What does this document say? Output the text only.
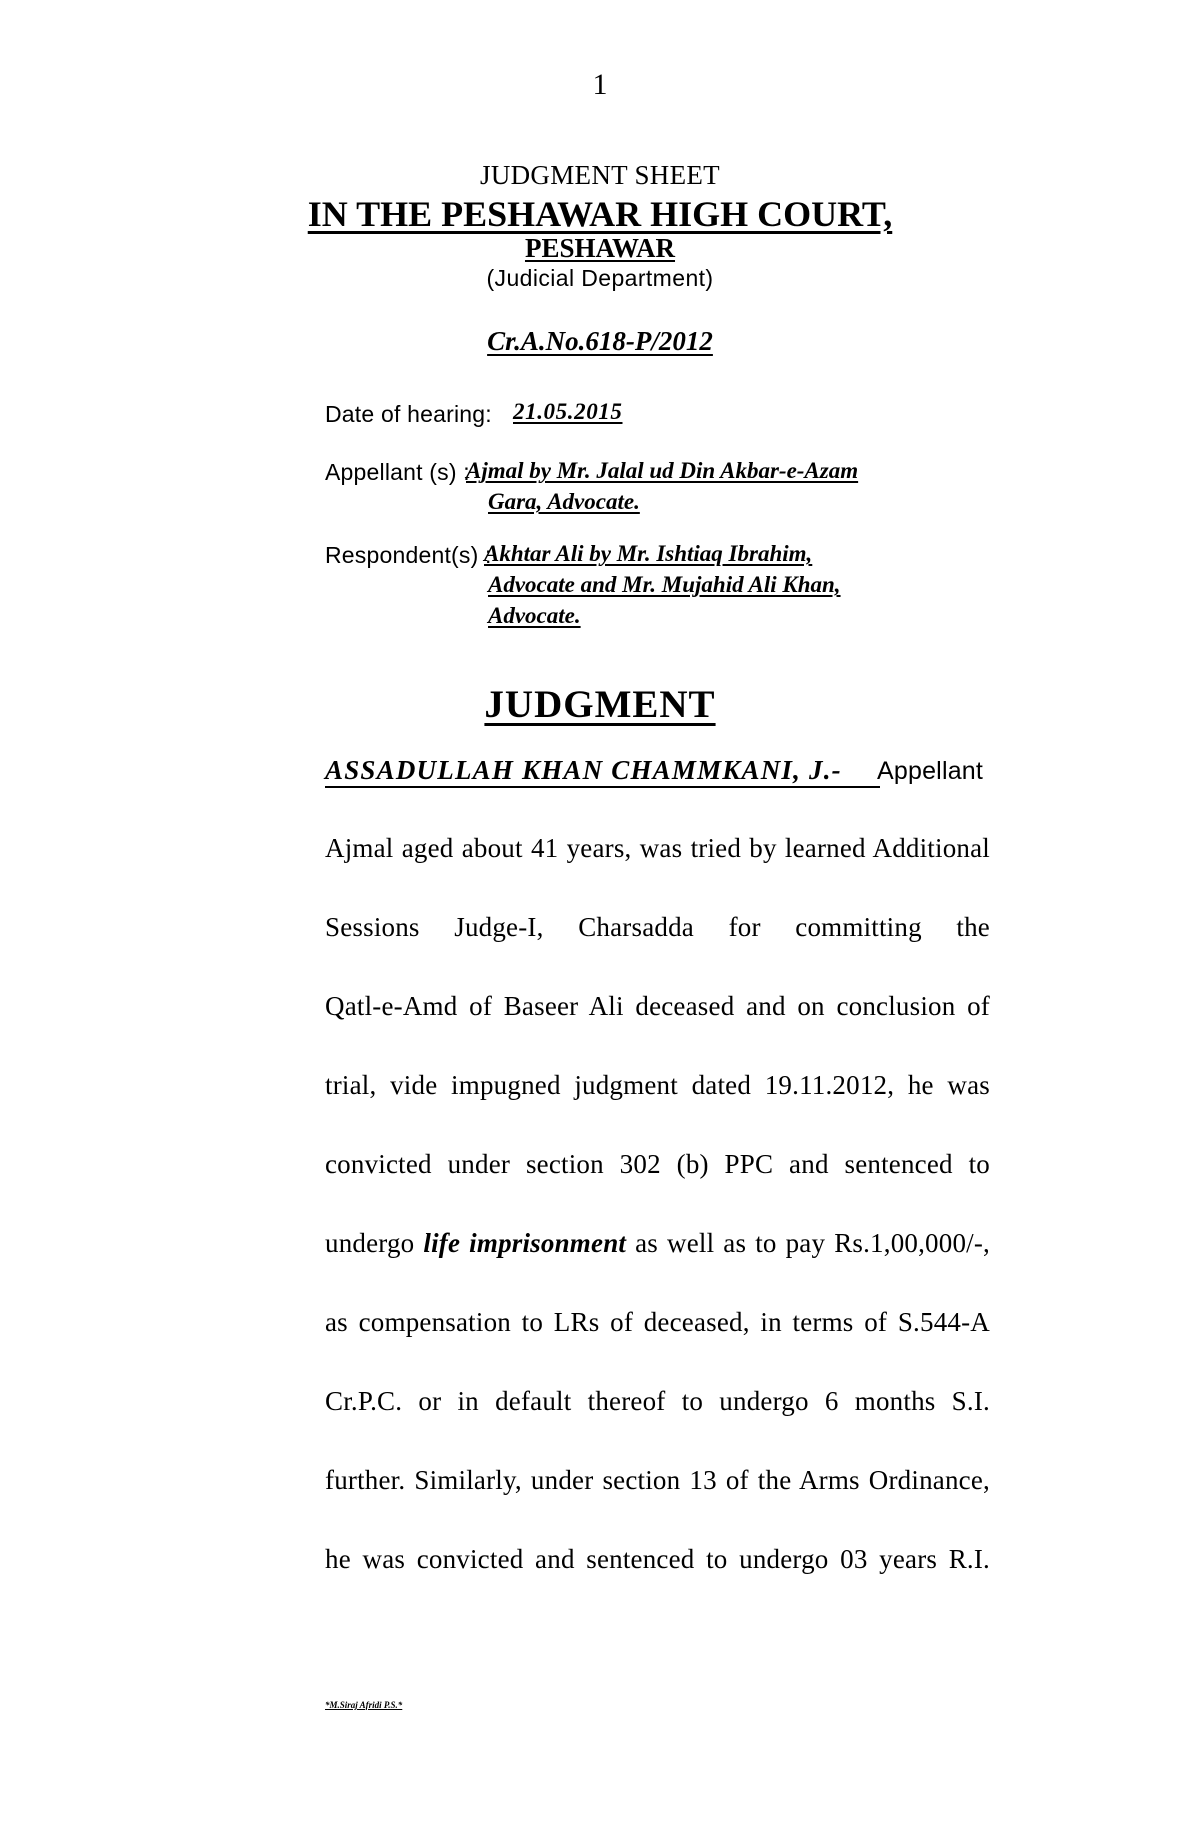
1
JUDGMENT SHEET
IN THE PESHAWAR HIGH COURT,
PESHAWAR
(Judicial Department)
Cr.A.No.618-P/2012
Date of hearing: 21.05.2015
Appellant (s) :
Ajmal by Mr. Jalal ud Din Akbar-e-Azam
Gara, Advocate.
Respondent(s) :
Akhtar Ali by Mr. Ishtiaq Ibrahim,
Advocate and Mr. Mujahid Ali Khan,
Advocate.
JUDGMENT
ASSADULLAH KHAN CHAMMKANI, J.- Appellant
Ajmal aged about 41 years, was tried by learned Additional
Sessions Judge-I, Charsadda for committing the
Qatl-e-Amd of Baseer Ali deceased and on conclusion of
trial, vide impugned judgment dated 19.11.2012, he was
convicted under section 302 (b) PPC and sentenced to
undergo life imprisonment as well as to pay Rs.1,00,000/-,
as compensation to LRs of deceased, in terms of S.544-A
Cr.P.C. or in default thereof to undergo 6 months S.I.
further. Similarly, under section 13 of the Arms Ordinance,
he was convicted and sentenced to undergo 03 years R.I.
*M.Siraj Afridi P.S.*
